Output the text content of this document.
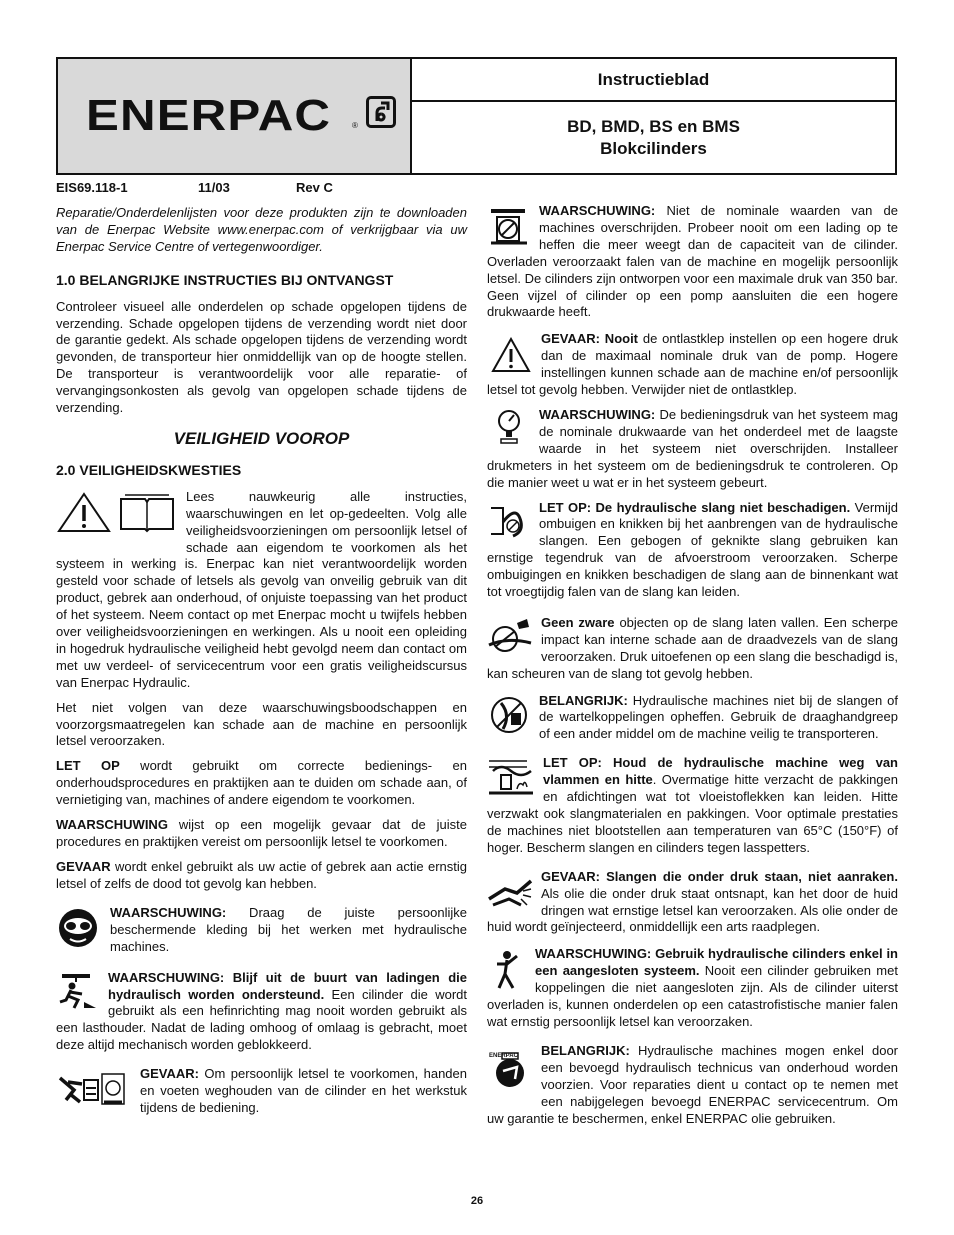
ENERPAC	®
Instructieblad
BD, BMD, BS en BMS
Blokcilinders
EIS69.118-1	11/03	Rev C

Reparatie/Onderdelenlijsten voor deze produkten zijn te downloaden van de Enerpac Website www.enerpac.com of verkrijgbaar via uw Enerpac Service Centre of vertegenwoordiger.

1.0 BELANGRIJKE INSTRUCTIES BIJ ONTVANGST

Controleer visueel alle onderdelen op schade opgelopen tijdens de verzending. Schade opgelopen tijdens de verzending wordt niet door de garantie gedekt. Als schade opgelopen tijdens de verzending wordt gevonden, de transporteur hier onmiddellijk van op de hoogte stellen. De transporteur is verantwoordelijk voor alle reparatie- of vervangingsonkosten als gevolg van opgelopen schade tijdens de verzending.

VEILIGHEID VOOROP
2.0 VEILIGHEIDSKWESTIES
Lees nauwkeurig alle instructies, waarschuwingen en let op-gedeelten. Volg alle veiligheidsvoorzieningen om persoonlijk letsel of schade aan eigendom te voorkomen als het systeem in werking is. Enerpac kan niet verantwoordelijk worden gesteld voor schade of letsels als gevolg van onveilig gebruik van dit product, gebrek aan onderhoud, of onjuiste toepassing van het product of het systeem. Neem contact op met Enerpac mocht u twijfels hebben over veiligheidsvoorzieningen en werkingen. Als u nooit een opleiding in hogedruk hydraulische veiligheid hebt gevolgd neem dan contact om met uw verdeel- of servicecentrum voor een gratis veiligheidscursus van Enerpac Hydraulic.

Het niet volgen van deze waarschuwingsboodschappen en voorzorgsmaatregelen kan schade aan de machine en persoonlijk letsel veroorzaken.

LET OP wordt gebruikt om correcte bedienings- en onderhoudsprocedures en praktijken aan te duiden om schade aan, of vernietiging van, machines of andere eigendom te voorkomen.

WAARSCHUWING wijst op een mogelijk gevaar dat de juiste procedures en praktijken vereist om persoonlijk letsel te voorkomen.

GEVAAR wordt enkel gebruikt als uw actie of gebrek aan actie ernstig letsel of zelfs de dood tot gevolg kan hebben.

WAARSCHUWING: Draag de juiste persoonlijke beschermende kleding bij het werken met hydraulische machines.
WAARSCHUWING: Blijf uit de buurt van ladingen die hydraulisch worden ondersteund. Een cilinder die wordt gebruikt als een hefinrichting mag nooit worden gebruikt als een lasthouder. Nadat de lading omhoog of omlaag is gebracht, moet deze altijd mechanisch worden geblokkeerd.
GEVAAR: Om persoonlijk letsel te voorkomen, handen en voeten weghouden van de cilinder en het werkstuk tijdens de bediening.
WAARSCHUWING: Niet de nominale waarden van de machines overschrijden. Probeer nooit om een lading op te heffen die meer weegt dan de capaciteit van de cilinder. Overladen veroorzaakt falen van de machine en mogelijk persoonlijk letsel. De cilinders zijn ontworpen voor een maximale druk van 350 bar. Geen vijzel of cilinder op een pomp aansluiten die een hogere drukwaarde heeft.
GEVAAR: Nooit de ontlastklep instellen op een hogere druk dan de maximaal nominale druk van de pomp. Hogere instellingen kunnen schade aan de machine en/of persoonlijk letsel tot gevolg hebben. Verwijder niet de ontlastklep.
WAARSCHUWING: De bedieningsdruk van het systeem mag de nominale drukwaarde van het onderdeel met de laagste waarde in het systeem niet overschrijden. Installeer drukmeters in het systeem om de bedieningsdruk te controleren. Op die manier weet u wat er in het systeem gebeurt.
LET OP: De hydraulische slang niet beschadigen. Vermijd ombuigen en knikken bij het aanbrengen van de hydraulische slangen. Een gebogen of geknikte slang gebruiken kan ernstige tegendruk van de afvoerstroom veroorzaken. Scherpe ombuigingen en knikken beschadigen de slang aan de binnenkant wat tot vroegtijdig falen van de slang kan leiden.
Geen zware objecten op de slang laten vallen. Een scherpe impact kan interne schade aan de draadvezels van de slang veroorzaken. Druk uitoefenen op een slang die beschadigd is, kan scheuren van de slang tot gevolg hebben.
BELANGRIJK: Hydraulische machines niet bij de slangen of de wartelkoppelingen opheffen. Gebruik de draaghandgreep of een ander middel om de machine veilig te transporteren.
LET OP: Houd de hydraulische machine weg van vlammen en hitte. Overmatige hitte verzacht de pakkingen en afdichtingen wat tot vloeistoflekken kan leiden. Hitte verzwakt ook slangmaterialen en pakkingen. Voor optimale prestaties de machines niet blootstellen aan temperaturen van 65°C (150°F) of hoger. Bescherm slangen en cilinders tegen lasspetters.
GEVAAR: Slangen die onder druk staan, niet aanraken. Als olie die onder druk staat ontsnapt, kan het door de huid dringen wat ernstige letsel kan veroorzaken. Als olie onder de huid wordt geïnjecteerd, onmiddellijk een arts raadplegen.
WAARSCHUWING: Gebruik hydraulische cilinders enkel in een aangesloten systeem. Nooit een cilinder gebruiken met koppelingen die niet aangesloten zijn. Als de cilinder uiterst overladen is, kunnen onderdelen op een catastrofistische manier falen wat ernstig persoonlijk letsel kan veroorzaken.
ENERPAC	BELANGRIJK: Hydraulische machines mogen enkel door een bevoegd hydraulisch technicus van onderhoud worden voorzien. Voor reparaties dient u contact op te nemen met een nabijgelegen bevoegd ENERPAC servicecentrum. Om uw garantie te beschermen, enkel ENERPAC olie gebruiken.
26
